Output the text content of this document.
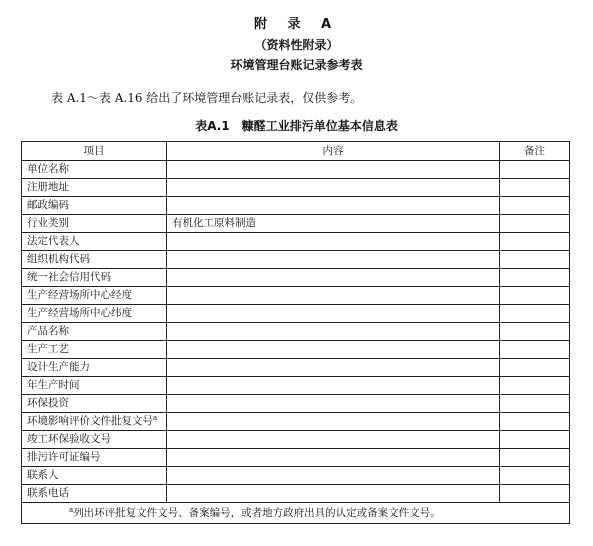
附 录 A
（资料性附录）
环境管理台账记录参考表
表 A.1～表 A.16 给出了环境管理台账记录表，仅供参考。
表A.1　糠醛工业排污单位基本信息表
项目	内容	备注
单位名称		
注册地址		
邮政编码		
行业类别	有机化工原料制造	
法定代表人		
组织机构代码		
统一社会信用代码		
生产经营场所中心经度		
生产经营场所中心纬度		
产品名称		
生产工艺		
设计生产能力		
年生产时间		
环保投资		
环境影响评价文件批复文号$^a$		
竣工环保验收文号		
排污许可证编号		
联系人		
联系电话		
$^a$列出环评批复文件文号、备案编号，或者地方政府出具的认定或备案文件文号。		
